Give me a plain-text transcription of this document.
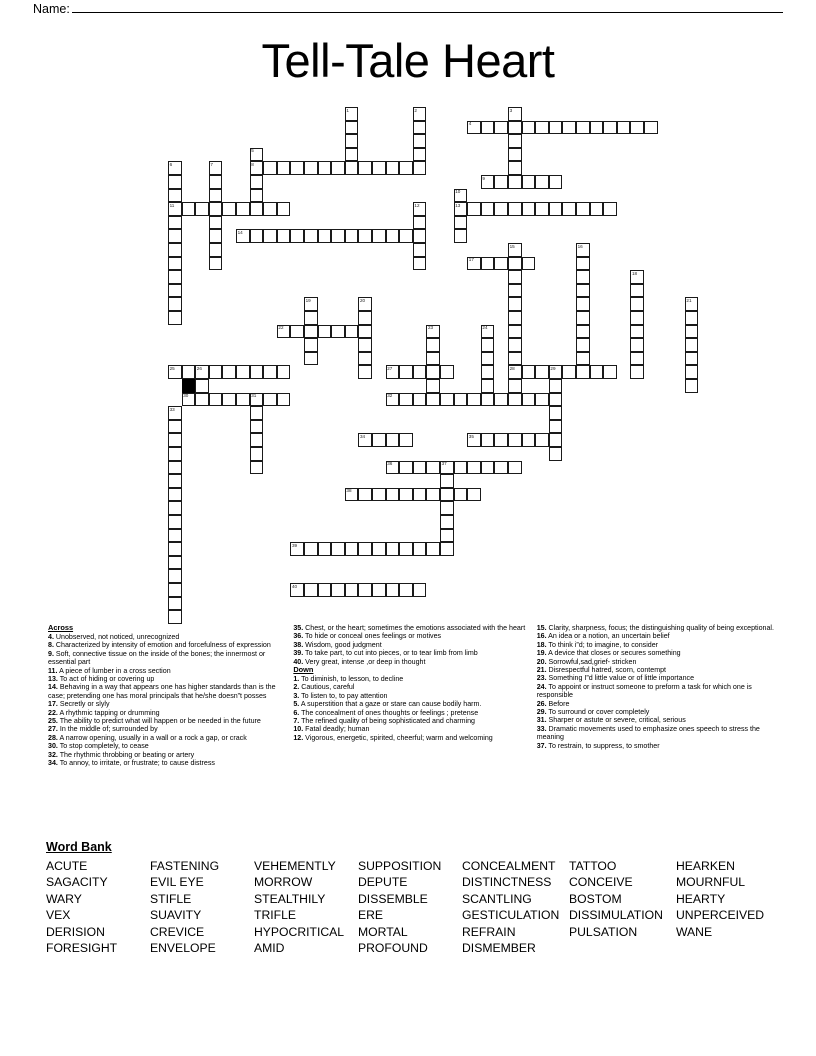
Name:
Tell-Tale Heart
1	2	3
4
5
8
6
11
7
9
10
13
12
14
15
28
16
17
18
19	20	21
22	23	24
25	26	27	29
30	31	32
33
34	35
36	37
38
39
40
Across

4. Unobserved, not noticed, unrecognized

8. Characterized by intensity of emotion and forcefulness of expression

9. Soft, connective tissue on the inside of the bones; the innermost or essential part

11. A piece of lumber in a cross section

13. To act of hiding or covering up

14. Behaving in a way that appears one has higher standards than is the case; pretending one has moral principals that he/she doesn”t posses

17. Secretly or slyly

22. A rhythmic tapping or drumming

25. The ability to predict what will happen or be needed in the future

27. In the middle of; surrounded by

28. A narrow opening, usually in a wall or a rock a gap, or crack

30. To stop completely, to cease

32. The rhythmic throbbing or beating or artery

34. To annoy, to irritate, or frustrate; to cause distress

35. Chest, or the heart; sometimes the emotions associated with the heart

36. To hide or conceal ones feelings or motives

38. Wisdom, good judgment

39. To take part, to cut into pieces, or to tear limb from limb

40. Very great, intense ,or deep in thought

Down

1. To diminish, to lesson, to decline

2. Cautious, careful

3. To listen to, to pay attention

5. A superstition that a gaze or stare can cause bodily harm.

6. The concealment of ones thoughts or feelings ; pretense

7. The refined quality of being sophisticated and charming

10. Fatal deadly; human

12. Vigorous, energetic, spirited, cheerful; warm and welcoming

15. Clarity, sharpness, focus; the distinguishing quality of being exceptional.

16. An idea or a notion, an uncertain belief

18. To think i”d; to imagine, to consider

19. A device that closes or secures something

20. Sorrowful,sad,grief- stricken

21. Disrespectful hatred, scorn, contempt

23. Something I”d little value or of little importance

24. To appoint or instruct someone to preform a task for which one is responsible

26. Before

29. To surround or cover completely

31. Sharper or astute or severe, critical, serious

33. Dramatic movements used to emphasize ones speech to stress the meaning

37. To restrain, to suppress, to smother

Word Bank
ACUTE
SAGACITY
WARY
VEX
DERISION
FORESIGHT
FASTENING
EVIL EYE
STIFLE
SUAVITY
CREVICE
ENVELOPE
VEHEMENTLY
MORROW
STEALTHILY
TRIFLE
HYPOCRITICAL
AMID
SUPPOSITION
DEPUTE
DISSEMBLE
ERE
MORTAL
PROFOUND
CONCEALMENT
DISTINCTNESS
SCANTLING
GESTICULATION
REFRAIN
DISMEMBER
TATTOO
CONCEIVE
BOSTOM
DISSIMULATION
PULSATION
HEARKEN
MOURNFUL
HEARTY
UNPERCEIVED
WANE
